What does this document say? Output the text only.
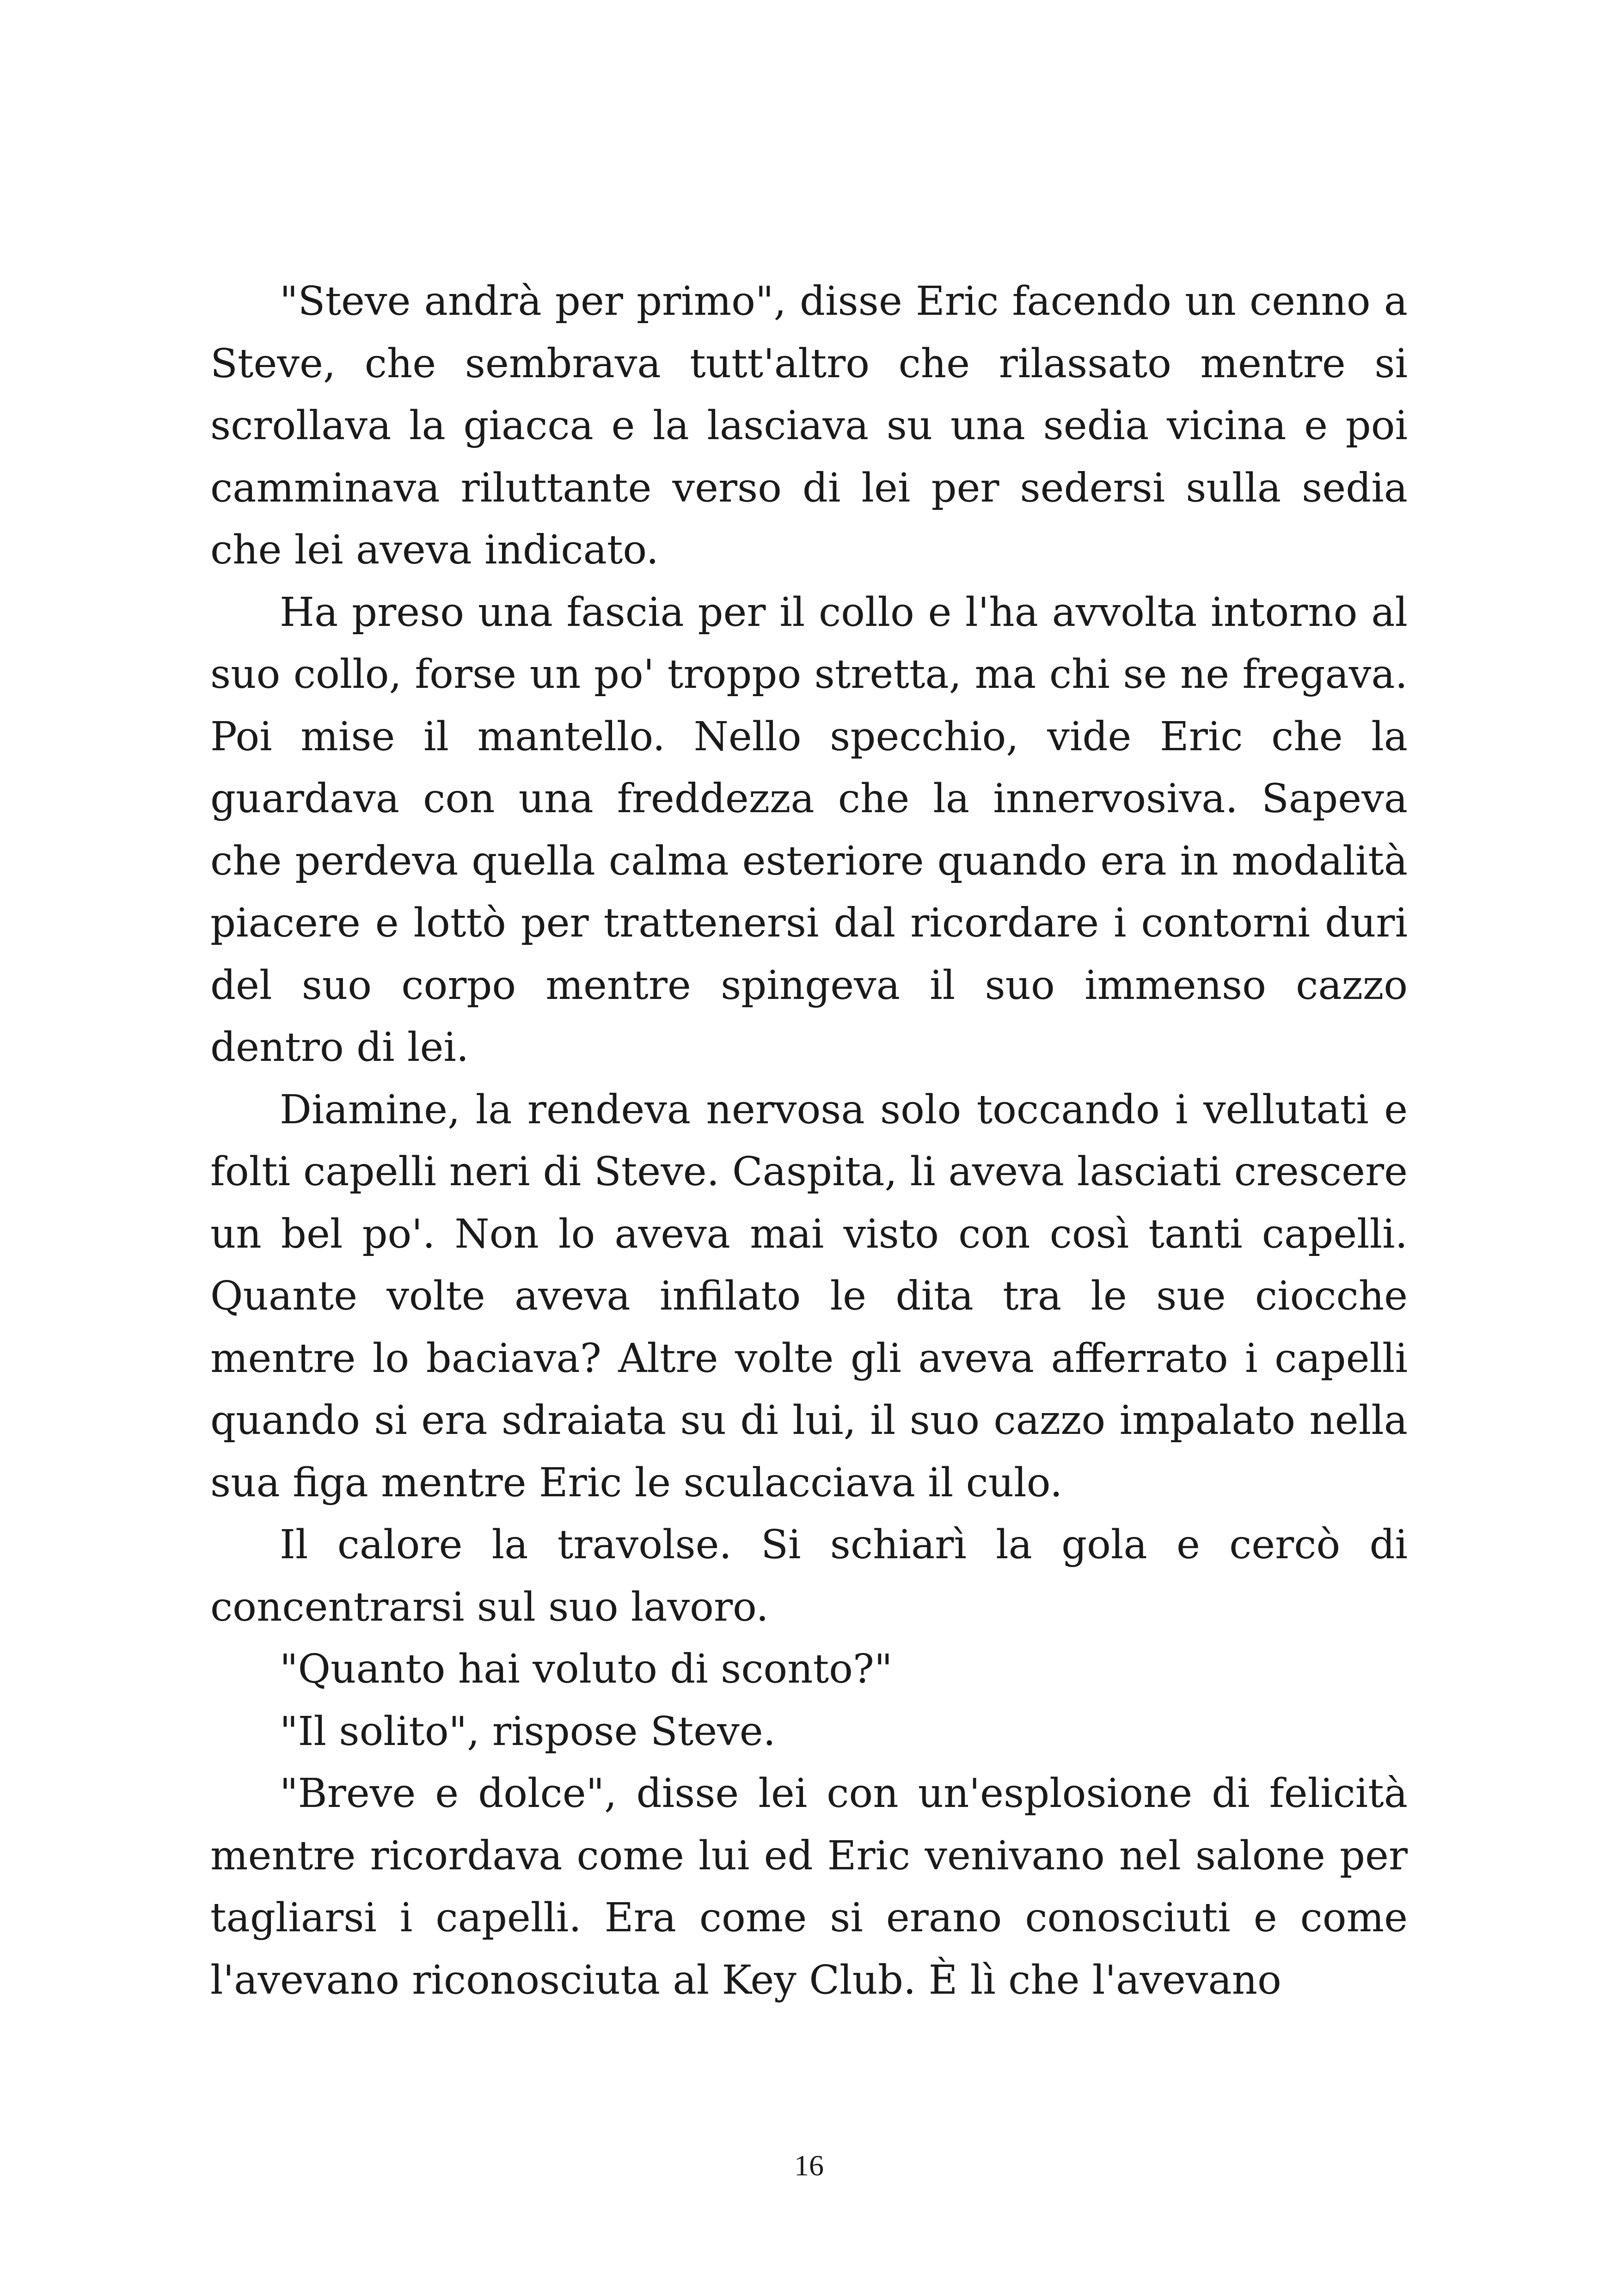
"Steve andrà per primo", disse Eric facendo un cenno a Steve, che sembrava tutt'altro che rilassato mentre si scrollava la giacca e la lasciava su una sedia vicina e poi camminava riluttante verso di lei per sedersi sulla sedia che lei aveva indicato.

Ha preso una fascia per il collo e l'ha avvolta intorno al suo collo, forse un po' troppo stretta, ma chi se ne fregava. Poi mise il mantello. Nello specchio, vide Eric che la guardava con una freddezza che la innervosiva. Sapeva che perdeva quella calma esteriore quando era in modalità piacere e lottò per trattenersi dal ricordare i contorni duri del suo corpo mentre spingeva il suo immenso cazzo dentro di lei.

Diamine, la rendeva nervosa solo toccando i vellutati e folti capelli neri di Steve. Caspita, li aveva lasciati crescere un bel po'. Non lo aveva mai visto con così tanti capelli. Quante volte aveva infilato le dita tra le sue ciocche mentre lo baciava? Altre volte gli aveva afferrato i capelli quando si era sdraiata su di lui, il suo cazzo impalato nella sua figa mentre Eric le sculacciava il culo.

Il calore la travolse. Si schiarì la gola e cercò di concentrarsi sul suo lavoro.

"Quanto hai voluto di sconto?"

"Il solito", rispose Steve.

"Breve e dolce", disse lei con un'esplosione di felicità mentre ricordava come lui ed Eric venivano nel salone per tagliarsi i capelli. Era come si erano conosciuti e come l'avevano riconosciuta al Key Club. È lì che l'avevano

16
